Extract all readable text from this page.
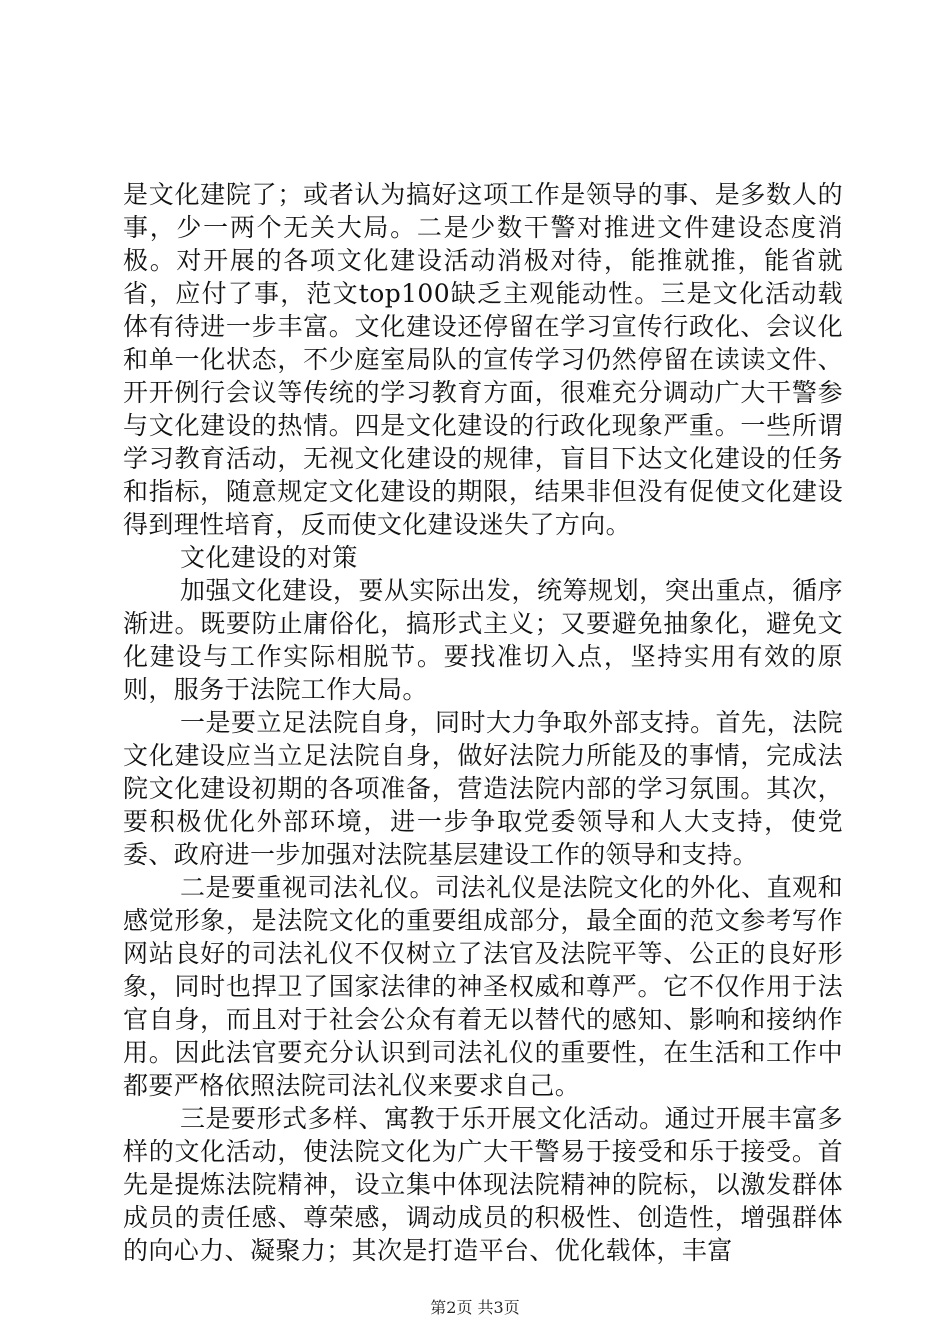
是文化建院了；或者认为搞好这项工作是领导的事、是多数人的事，少一两个无关大局。二是少数干警对推进文件建设态度消极。对开展的各项文化建设活动消极对待，能推就推，能省就省，应付了事，范文top100缺乏主观能动性。三是文化活动载体有待进一步丰富。文化建设还停留在学习宣传行政化、会议化和单一化状态，不少庭室局队的宣传学习仍然停留在读读文件、开开例行会议等传统的学习教育方面，很难充分调动广大干警参与文化建设的热情。四是文化建设的行政化现象严重。一些所谓学习教育活动，无视文化建设的规律，盲目下达文化建设的任务和指标，随意规定文化建设的期限，结果非但没有促使文化建设得到理性培育，反而使文化建设迷失了方向。

文化建设的对策

加强文化建设，要从实际出发，统筹规划，突出重点，循序渐进。既要防止庸俗化，搞形式主义；又要避免抽象化，避免文化建设与工作实际相脱节。要找准切入点，坚持实用有效的原则，服务于法院工作大局。

一是要立足法院自身，同时大力争取外部支持。首先，法院文化建设应当立足法院自身，做好法院力所能及的事情，完成法院文化建设初期的各项准备，营造法院内部的学习氛围。其次，要积极优化外部环境，进一步争取党委领导和人大支持，使党委、政府进一步加强对法院基层建设工作的领导和支持。

二是要重视司法礼仪。司法礼仪是法院文化的外化、直观和感觉形象，是法院文化的重要组成部分，最全面的范文参考写作网站良好的司法礼仪不仅树立了法官及法院平等、公正的良好形象，同时也捍卫了国家法律的神圣权威和尊严。它不仅作用于法官自身，而且对于社会公众有着无以替代的感知、影响和接纳作用。因此法官要充分认识到司法礼仪的重要性，在生活和工作中都要严格依照法院司法礼仪来要求自己。

三是要形式多样、寓教于乐开展文化活动。通过开展丰富多样的文化活动，使法院文化为广大干警易于接受和乐于接受。首先是提炼法院精神，设立集中体现法院精神的院标，以激发群体成员的责任感、尊荣感，调动成员的积极性、创造性，增强群体的向心力、凝聚力；其次是打造平台、优化载体，丰富

第2页 共3页
